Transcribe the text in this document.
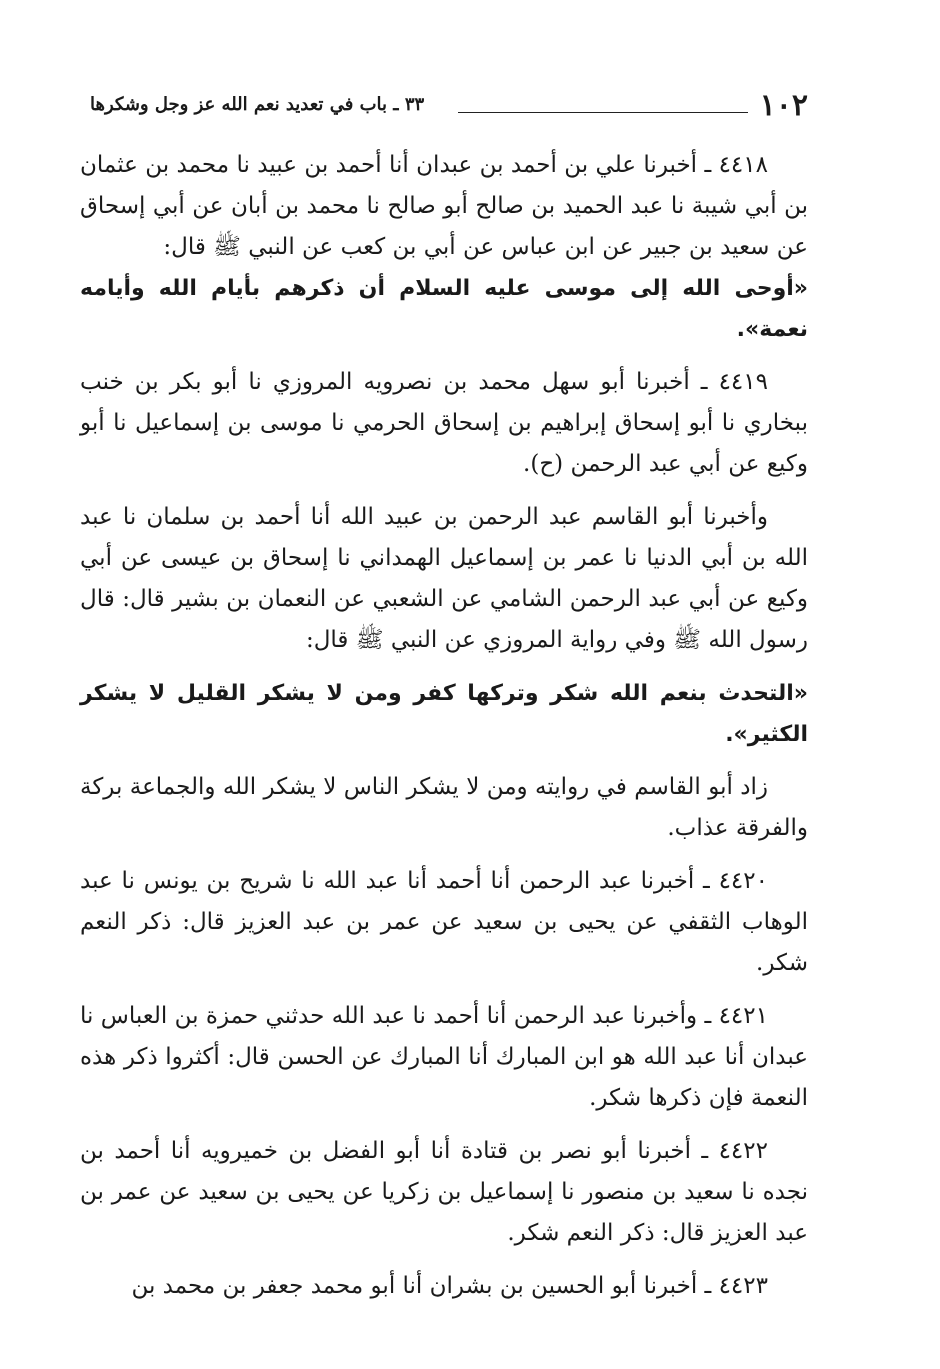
١٠٢
٣٣ ـ باب في تعديد نعم الله عز وجل وشكرها

٤٤١٨ ـ أخبرنا علي بن أحمد بن عبدان أنا أحمد بن عبيد نا محمد بن عثمان بن أبي شيبة نا عبد الحميد بن صالح أبو صالح نا محمد بن أبان عن أبي إسحاق عن سعيد بن جبير عن ابن عباس عن أبي بن كعب عن النبي ﷺ قال:
«أوحى الله إلى موسى عليه السلام أن ذكرهم بأيام الله وأيامه نعمة».

٤٤١٩ ـ أخبرنا أبو سهل محمد بن نصرويه المروزي نا أبو بكر بن خنب ببخاري نا أبو إسحاق إبراهيم بن إسحاق الحرمي نا موسى بن إسماعيل نا أبو وكيع عن أبي عبد الرحمن (ح).

وأخبرنا أبو القاسم عبد الرحمن بن عبيد الله أنا أحمد بن سلمان نا عبد الله بن أبي الدنيا نا عمر بن إسماعيل الهمداني نا إسحاق بن عيسى عن أبي وكيع عن أبي عبد الرحمن الشامي عن الشعبي عن النعمان بن بشير قال: قال رسول الله ﷺ وفي رواية المروزي عن النبي ﷺ قال:

«التحدث بنعم الله شكر وتركها كفر ومن لا يشكر القليل لا يشكر الكثير».

زاد أبو القاسم في روايته ومن لا يشكر الناس لا يشكر الله والجماعة بركة والفرقة عذاب.

٤٤٢٠ ـ أخبرنا عبد الرحمن أنا أحمد أنا عبد الله نا شريح بن يونس نا عبد الوهاب الثقفي عن يحيى بن سعيد عن عمر بن عبد العزيز قال: ذكر النعم شكر.

٤٤٢١ ـ وأخبرنا عبد الرحمن أنا أحمد نا عبد الله حدثني حمزة بن العباس نا عبدان أنا عبد الله هو ابن المبارك أنا المبارك عن الحسن قال: أكثروا ذكر هذه النعمة فإن ذكرها شكر.

٤٤٢٢ ـ أخبرنا أبو نصر بن قتادة أنا أبو الفضل بن خميرويه أنا أحمد بن نجده نا سعيد بن منصور نا إسماعيل بن زكريا عن يحيى بن سعيد عن عمر بن عبد العزيز قال: ذكر النعم شكر.

٤٤٢٣ ـ أخبرنا أبو الحسين بن بشران أنا أبو محمد جعفر بن محمد بن
